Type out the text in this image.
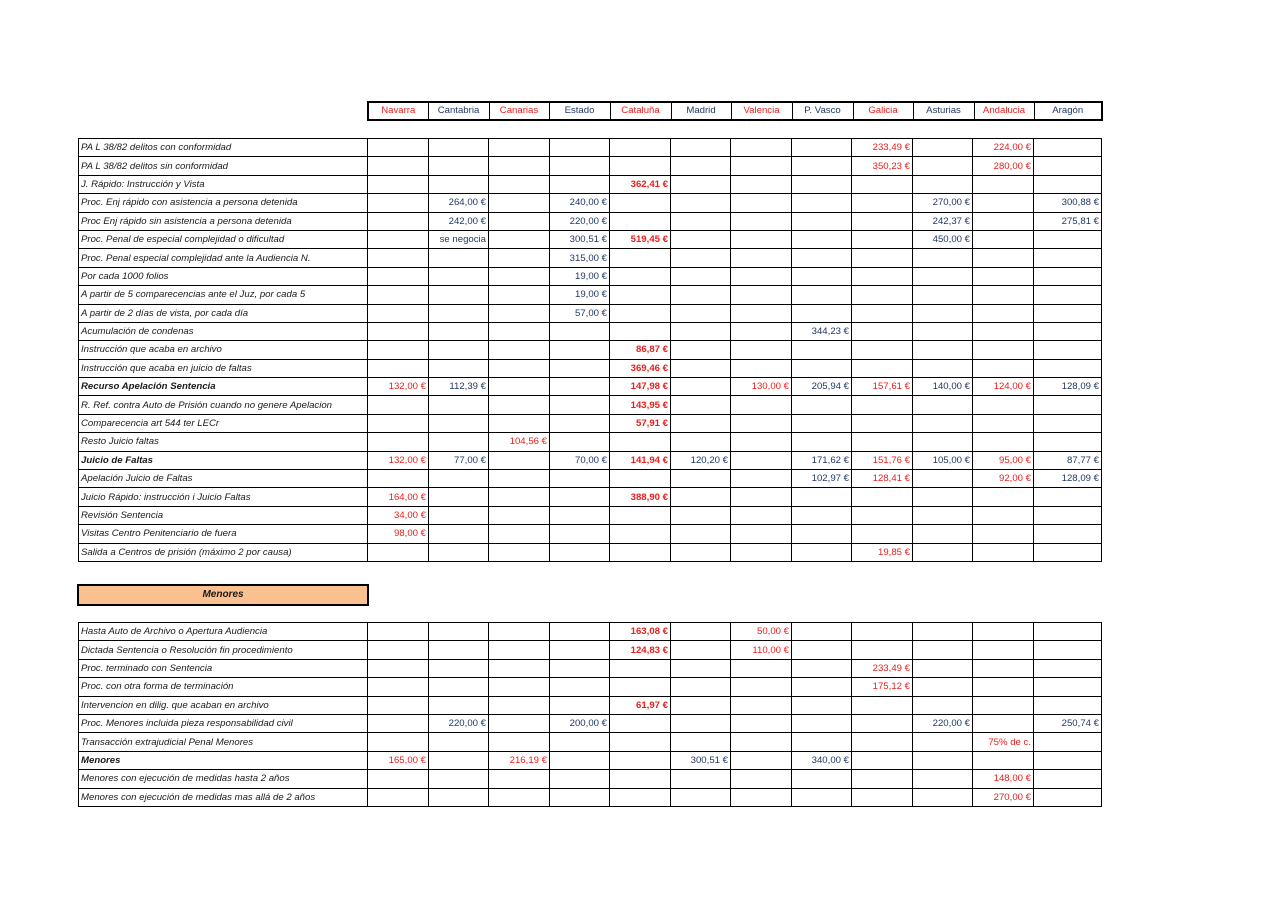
Navarra	Cantabria	Canarias	Estado	Cataluña	Madrid	Valencia	P. Vasco	Galicia	Asturias	Andalucia	Aragón
PA L 38/82 delitos con conformidad									233,49 €		224,00 €	
PA L 38/82 delitos sin conformidad									350,23 €		280,00 €	
J. Rápido: Instrucción y Vista					362,41 €							
Proc. Enj rápido con asistencia a persona detenida		264,00 €		240,00 €						270,00 €		300,88 €
Proc Enj rápido sin asistencia a persona detenida		242,00 €		220,00 €						242,37 €		275,81 €
Proc. Penal de especial complejidad o dificultad		se negocia		300,51 €	519,45 €					450,00 €		
Proc. Penal especial complejidad ante la Audiencia N.				315,00 €								
Por cada 1000 folios				19,00 €								
A partir de 5 comparecencias ante el Juz, por cada 5				19,00 €								
A partir de 2 días de vista, por cada día				57,00 €								
Acumulación de condenas								344,23 €				
Instrucción que acaba en archivo					86,87 €							
Instrucción que acaba en juicio de faltas					369,46 €							
Recurso Apelación Sentencia	132,00 €	112,39 €			147,98 €		130,00 €	205,94 €	157,61 €	140,00 €	124,00 €	128,09 €
R. Ref. contra Auto de Prisión cuando no genere Apelacion					143,95 €							
Comparecencia art 544 ter LECr					57,91 €							
Resto Juicio faltas			104,56 €									
Juicio de Faltas	132,00 €	77,00 €		70,00 €	141,94 €	120,20 €		171,62 €	151,76 €	105,00 €	95,00 €	87,77 €
Apelación Juicio de Faltas								102,97 €	128,41 €		92,00 €	128,09 €
Juicio Rápido: instrucción i Juicio Faltas	164,00 €				388,90 €							
Revisión Sentencia	34,00 €											
Visitas Centro Penitenciario de fuera	98,00 €											
Salida a Centros de prisión (máximo 2 por causa)									19,85 €			
Menores
Hasta Auto de Archivo o Apertura Audiencia					163,08 €		50,00 €					
Dictada Sentencia o Resolución fin procedimiento					124,83 €		110,00 €					
Proc. terminado con Sentencia									233,49 €			
Proc. con otra forma de terminación									175,12 €			
Intervencion en dilig. que acaban en archivo					61,97 €							
Proc. Menores incluida pieza responsabilidad civil		220,00 €		200,00 €						220,00 €		250,74 €
Transacción extrajudicial Penal Menores											75% de c.	
Menores	165,00 €		216,19 €			300,51 €		340,00 €				
Menores con ejecución de medidas hasta 2 años											148,00 €	
Menores con ejecución de medidas mas allá de 2 años											270,00 €	
